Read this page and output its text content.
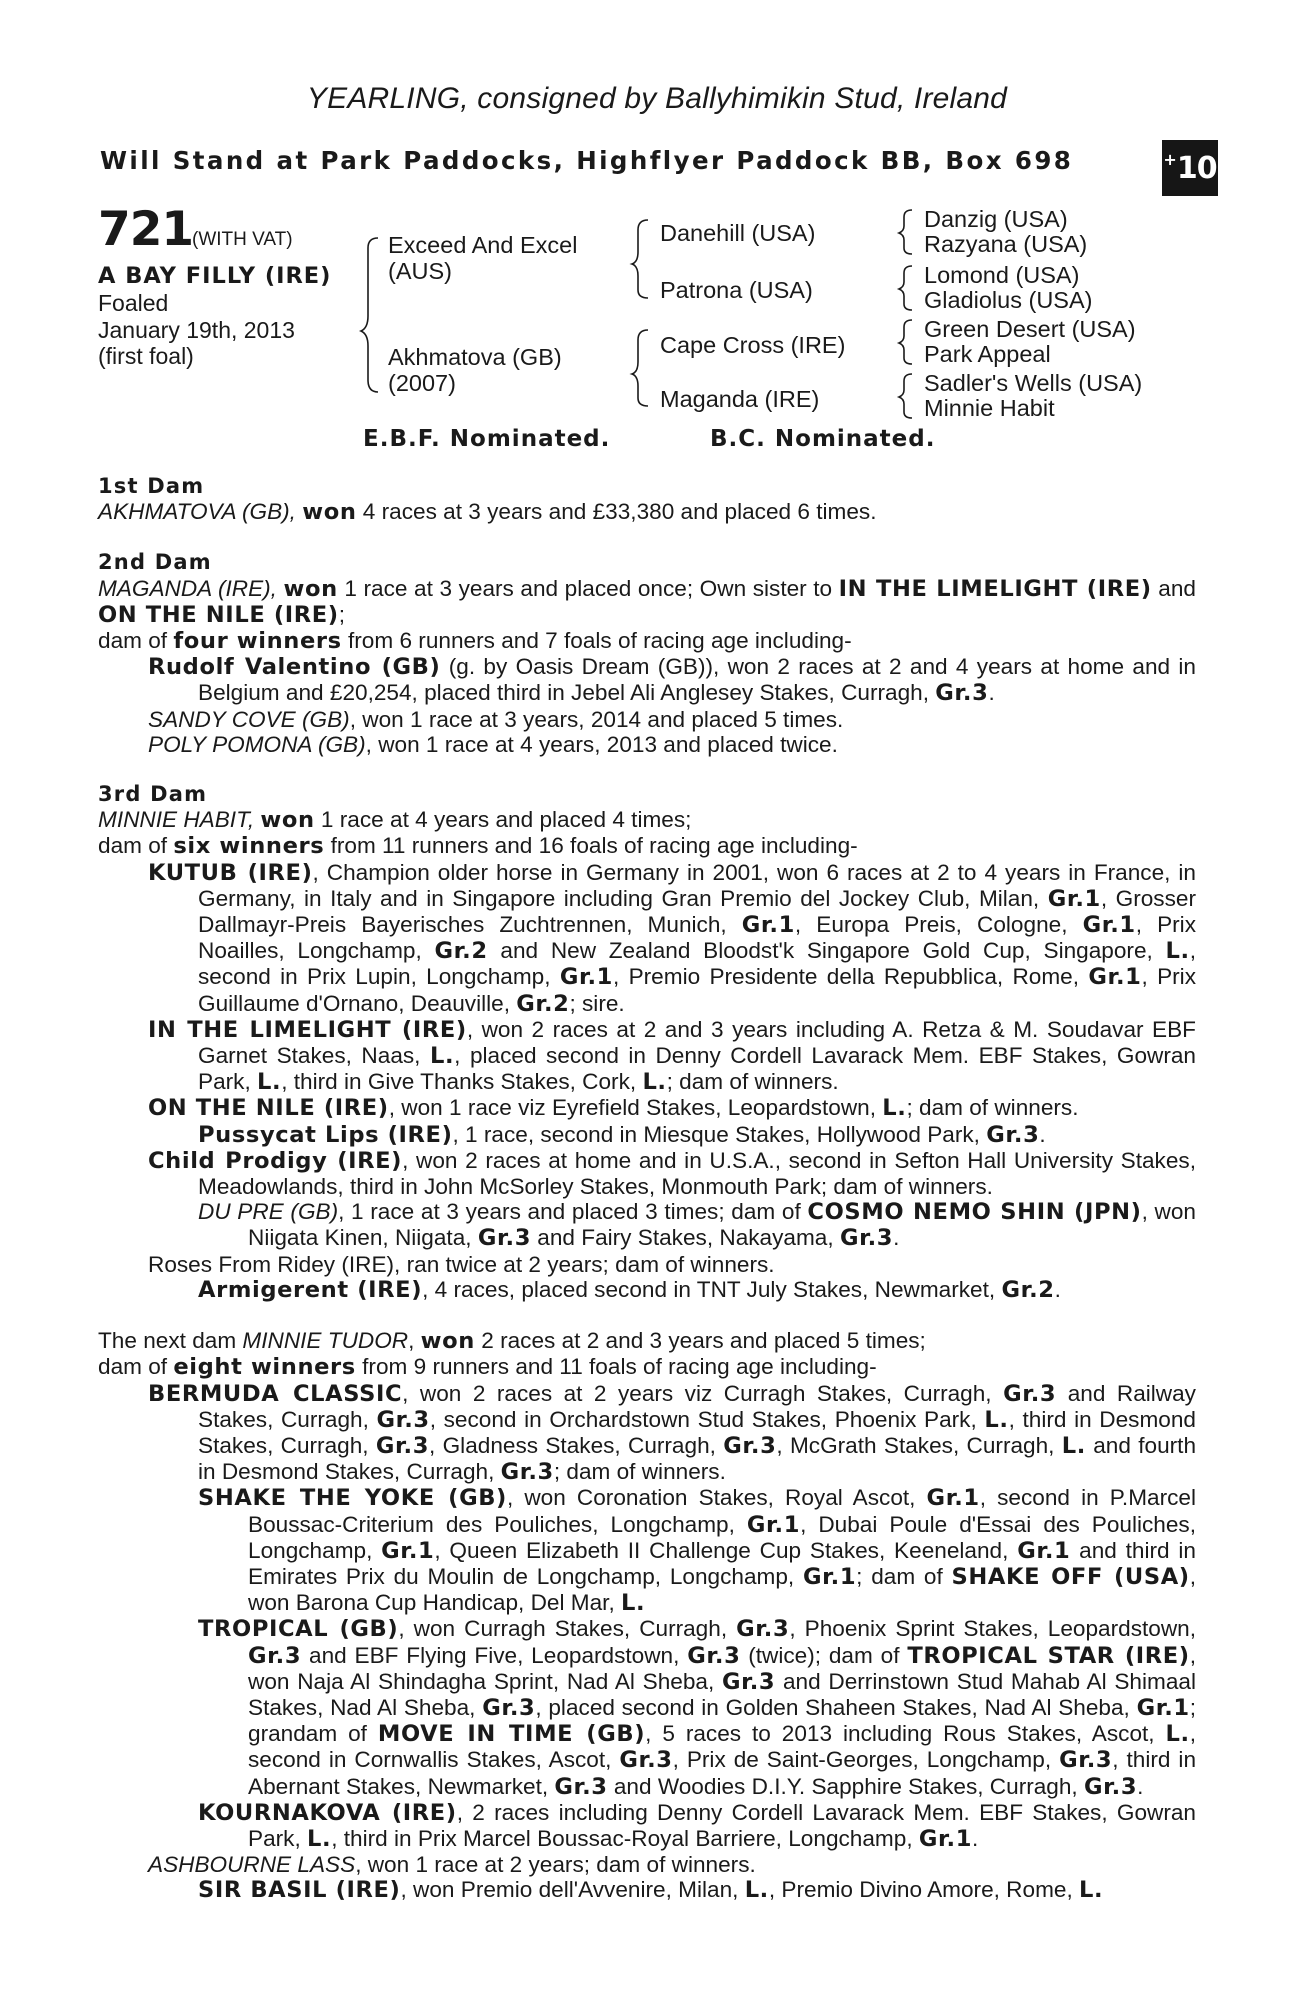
YEARLING, consigned by Ballyhimikin Stud, Ireland
Will Stand at Park Paddocks, Highflyer Paddock BB, Box 698	+ 10
721
(WITH VAT)
A BAY FILLY (IRE)
Foaled
January 19th, 2013
(first foal)
Exceed And Excel
(AUS)
Akhmatova (GB)
(2007)
Danehill (USA)
Patrona (USA)
Cape Cross (IRE)
Maganda (IRE)
Danzig (USA)
Razyana (USA)
Lomond (USA)
Gladiolus (USA)
Green Desert (USA)
Park Appeal
Sadler's Wells (USA)
Minnie Habit
E.B.F. Nominated.	B.C. Nominated.
1st Dam
AKHMATOVA (GB), won 4 races at 3 years and £33,380 and placed 6 times.
2nd Dam
MAGANDA (IRE), won 1 race at 3 years and placed once; Own sister to IN THE LIMELIGHT (IRE) and ON THE NILE (IRE);
dam of four winners from 6 runners and 7 foals of racing age including-
Rudolf Valentino (GB) (g. by Oasis Dream (GB)), won 2 races at 2 and 4 years at home and in Belgium and £20,254, placed third in Jebel Ali Anglesey Stakes, Curragh, Gr.3.
SANDY COVE (GB), won 1 race at 3 years, 2014 and placed 5 times.
POLY POMONA (GB), won 1 race at 4 years, 2013 and placed twice.
3rd Dam
MINNIE HABIT, won 1 race at 4 years and placed 4 times;
dam of six winners from 11 runners and 16 foals of racing age including-
KUTUB (IRE), Champion older horse in Germany in 2001, won 6 races at 2 to 4 years in France, in Germany, in Italy and in Singapore including Gran Premio del Jockey Club, Milan, Gr.1, Grosser Dallmayr-Preis Bayerisches Zuchtrennen, Munich, Gr.1, Europa Preis, Cologne, Gr.1, Prix Noailles, Longchamp, Gr.2 and New Zealand Bloodst'k Singapore Gold Cup, Singapore, L., second in Prix Lupin, Longchamp, Gr.1, Premio Presidente della Repubblica, Rome, Gr.1, Prix Guillaume d'Ornano, Deauville, Gr.2; sire.
IN THE LIMELIGHT (IRE), won 2 races at 2 and 3 years including A. Retza & M. Soudavar EBF Garnet Stakes, Naas, L., placed second in Denny Cordell Lavarack Mem. EBF Stakes, Gowran Park, L., third in Give Thanks Stakes, Cork, L.; dam of winners.
ON THE NILE (IRE), won 1 race viz Eyrefield Stakes, Leopardstown, L.; dam of winners.
Pussycat Lips (IRE), 1 race, second in Miesque Stakes, Hollywood Park, Gr.3.
Child Prodigy (IRE), won 2 races at home and in U.S.A., second in Sefton Hall University Stakes, Meadowlands, third in John McSorley Stakes, Monmouth Park; dam of winners.
DU PRE (GB), 1 race at 3 years and placed 3 times; dam of COSMO NEMO SHIN (JPN), won Niigata Kinen, Niigata, Gr.3 and Fairy Stakes, Nakayama, Gr.3.
Roses From Ridey (IRE), ran twice at 2 years; dam of winners.
Armigerent (IRE), 4 races, placed second in TNT July Stakes, Newmarket, Gr.2.
The next dam MINNIE TUDOR, won 2 races at 2 and 3 years and placed 5 times;
dam of eight winners from 9 runners and 11 foals of racing age including-
BERMUDA CLASSIC, won 2 races at 2 years viz Curragh Stakes, Curragh, Gr.3 and Railway Stakes, Curragh, Gr.3, second in Orchardstown Stud Stakes, Phoenix Park, L., third in Desmond Stakes, Curragh, Gr.3, Gladness Stakes, Curragh, Gr.3, McGrath Stakes, Curragh, L. and fourth in Desmond Stakes, Curragh, Gr.3; dam of winners.
SHAKE THE YOKE (GB), won Coronation Stakes, Royal Ascot, Gr.1, second in P.Marcel Boussac-Criterium des Pouliches, Longchamp, Gr.1, Dubai Poule d'Essai des Pouliches, Longchamp, Gr.1, Queen Elizabeth II Challenge Cup Stakes, Keeneland, Gr.1 and third in Emirates Prix du Moulin de Longchamp, Longchamp, Gr.1; dam of SHAKE OFF (USA), won Barona Cup Handicap, Del Mar, L.
TROPICAL (GB), won Curragh Stakes, Curragh, Gr.3, Phoenix Sprint Stakes, Leopardstown, Gr.3 and EBF Flying Five, Leopardstown, Gr.3 (twice); dam of TROPICAL STAR (IRE), won Naja Al Shindagha Sprint, Nad Al Sheba, Gr.3 and Derrinstown Stud Mahab Al Shimaal Stakes, Nad Al Sheba, Gr.3, placed second in Golden Shaheen Stakes, Nad Al Sheba, Gr.1; grandam of MOVE IN TIME (GB), 5 races to 2013 including Rous Stakes, Ascot, L., second in Cornwallis Stakes, Ascot, Gr.3, Prix de Saint-Georges, Longchamp, Gr.3, third in Abernant Stakes, Newmarket, Gr.3 and Woodies D.I.Y. Sapphire Stakes, Curragh, Gr.3.
KOURNAKOVA (IRE), 2 races including Denny Cordell Lavarack Mem. EBF Stakes, Gowran Park, L., third in Prix Marcel Boussac-Royal Barriere, Longchamp, Gr.1.
ASHBOURNE LASS, won 1 race at 2 years; dam of winners.
SIR BASIL (IRE), won Premio dell'Avvenire, Milan, L., Premio Divino Amore, Rome, L.
